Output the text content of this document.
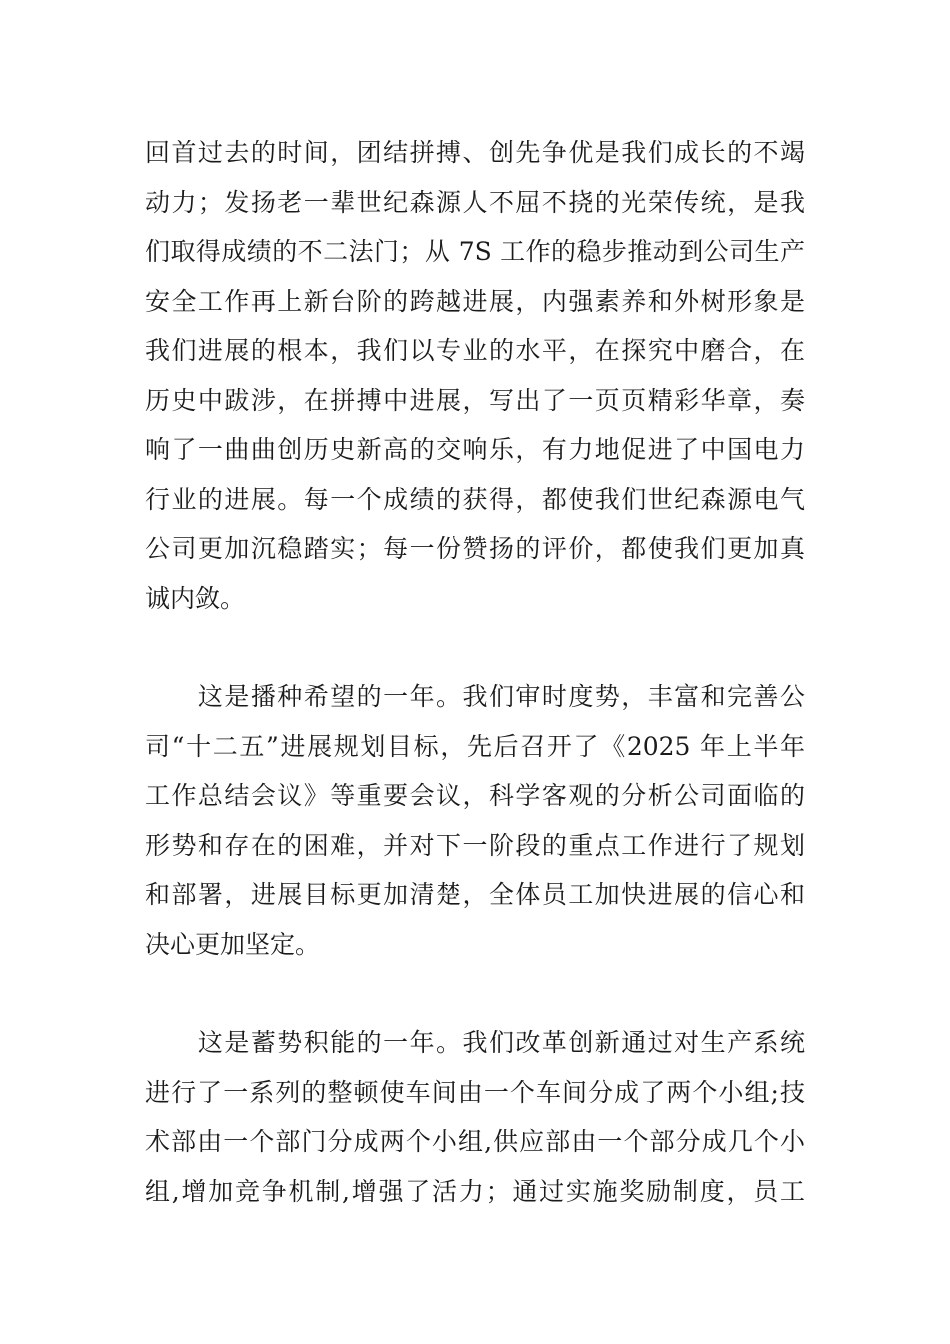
回首过去的时间，团结拼搏、创先争优是我们成长的不竭
动力；发扬老一辈世纪森源人不屈不挠的光荣传统，是我
们取得成绩的不二法门；从 7S 工作的稳步推动到公司生产
安全工作再上新台阶的跨越进展，内强素养和外树形象是
我们进展的根本，我们以专业的水平，在探究中磨合，在
历史中跋涉，在拼搏中进展，写出了一页页精彩华章，奏
响了一曲曲创历史新高的交响乐，有力地促进了中国电力
行业的进展。每一个成绩的获得，都使我们世纪森源电气
公司更加沉稳踏实；每一份赞扬的评价，都使我们更加真
诚内敛。
　　这是播种希望的一年。我们审时度势，丰富和完善公
司“十二五”进展规划目标，先后召开了《2025 年上半年
工作总结会议》等重要会议，科学客观的分析公司面临的
形势和存在的困难，并对下一阶段的重点工作进行了规划
和部署，进展目标更加清楚，全体员工加快进展的信心和
决心更加坚定。
　　这是蓄势积能的一年。我们改革创新通过对生产系统
进行了一系列的整顿使车间由一个车间分成了两个小组;技
术部由一个部门分成两个小组,供应部由一个部分成几个小
组,增加竞争机制,增强了活力；通过实施奖励制度，员工
